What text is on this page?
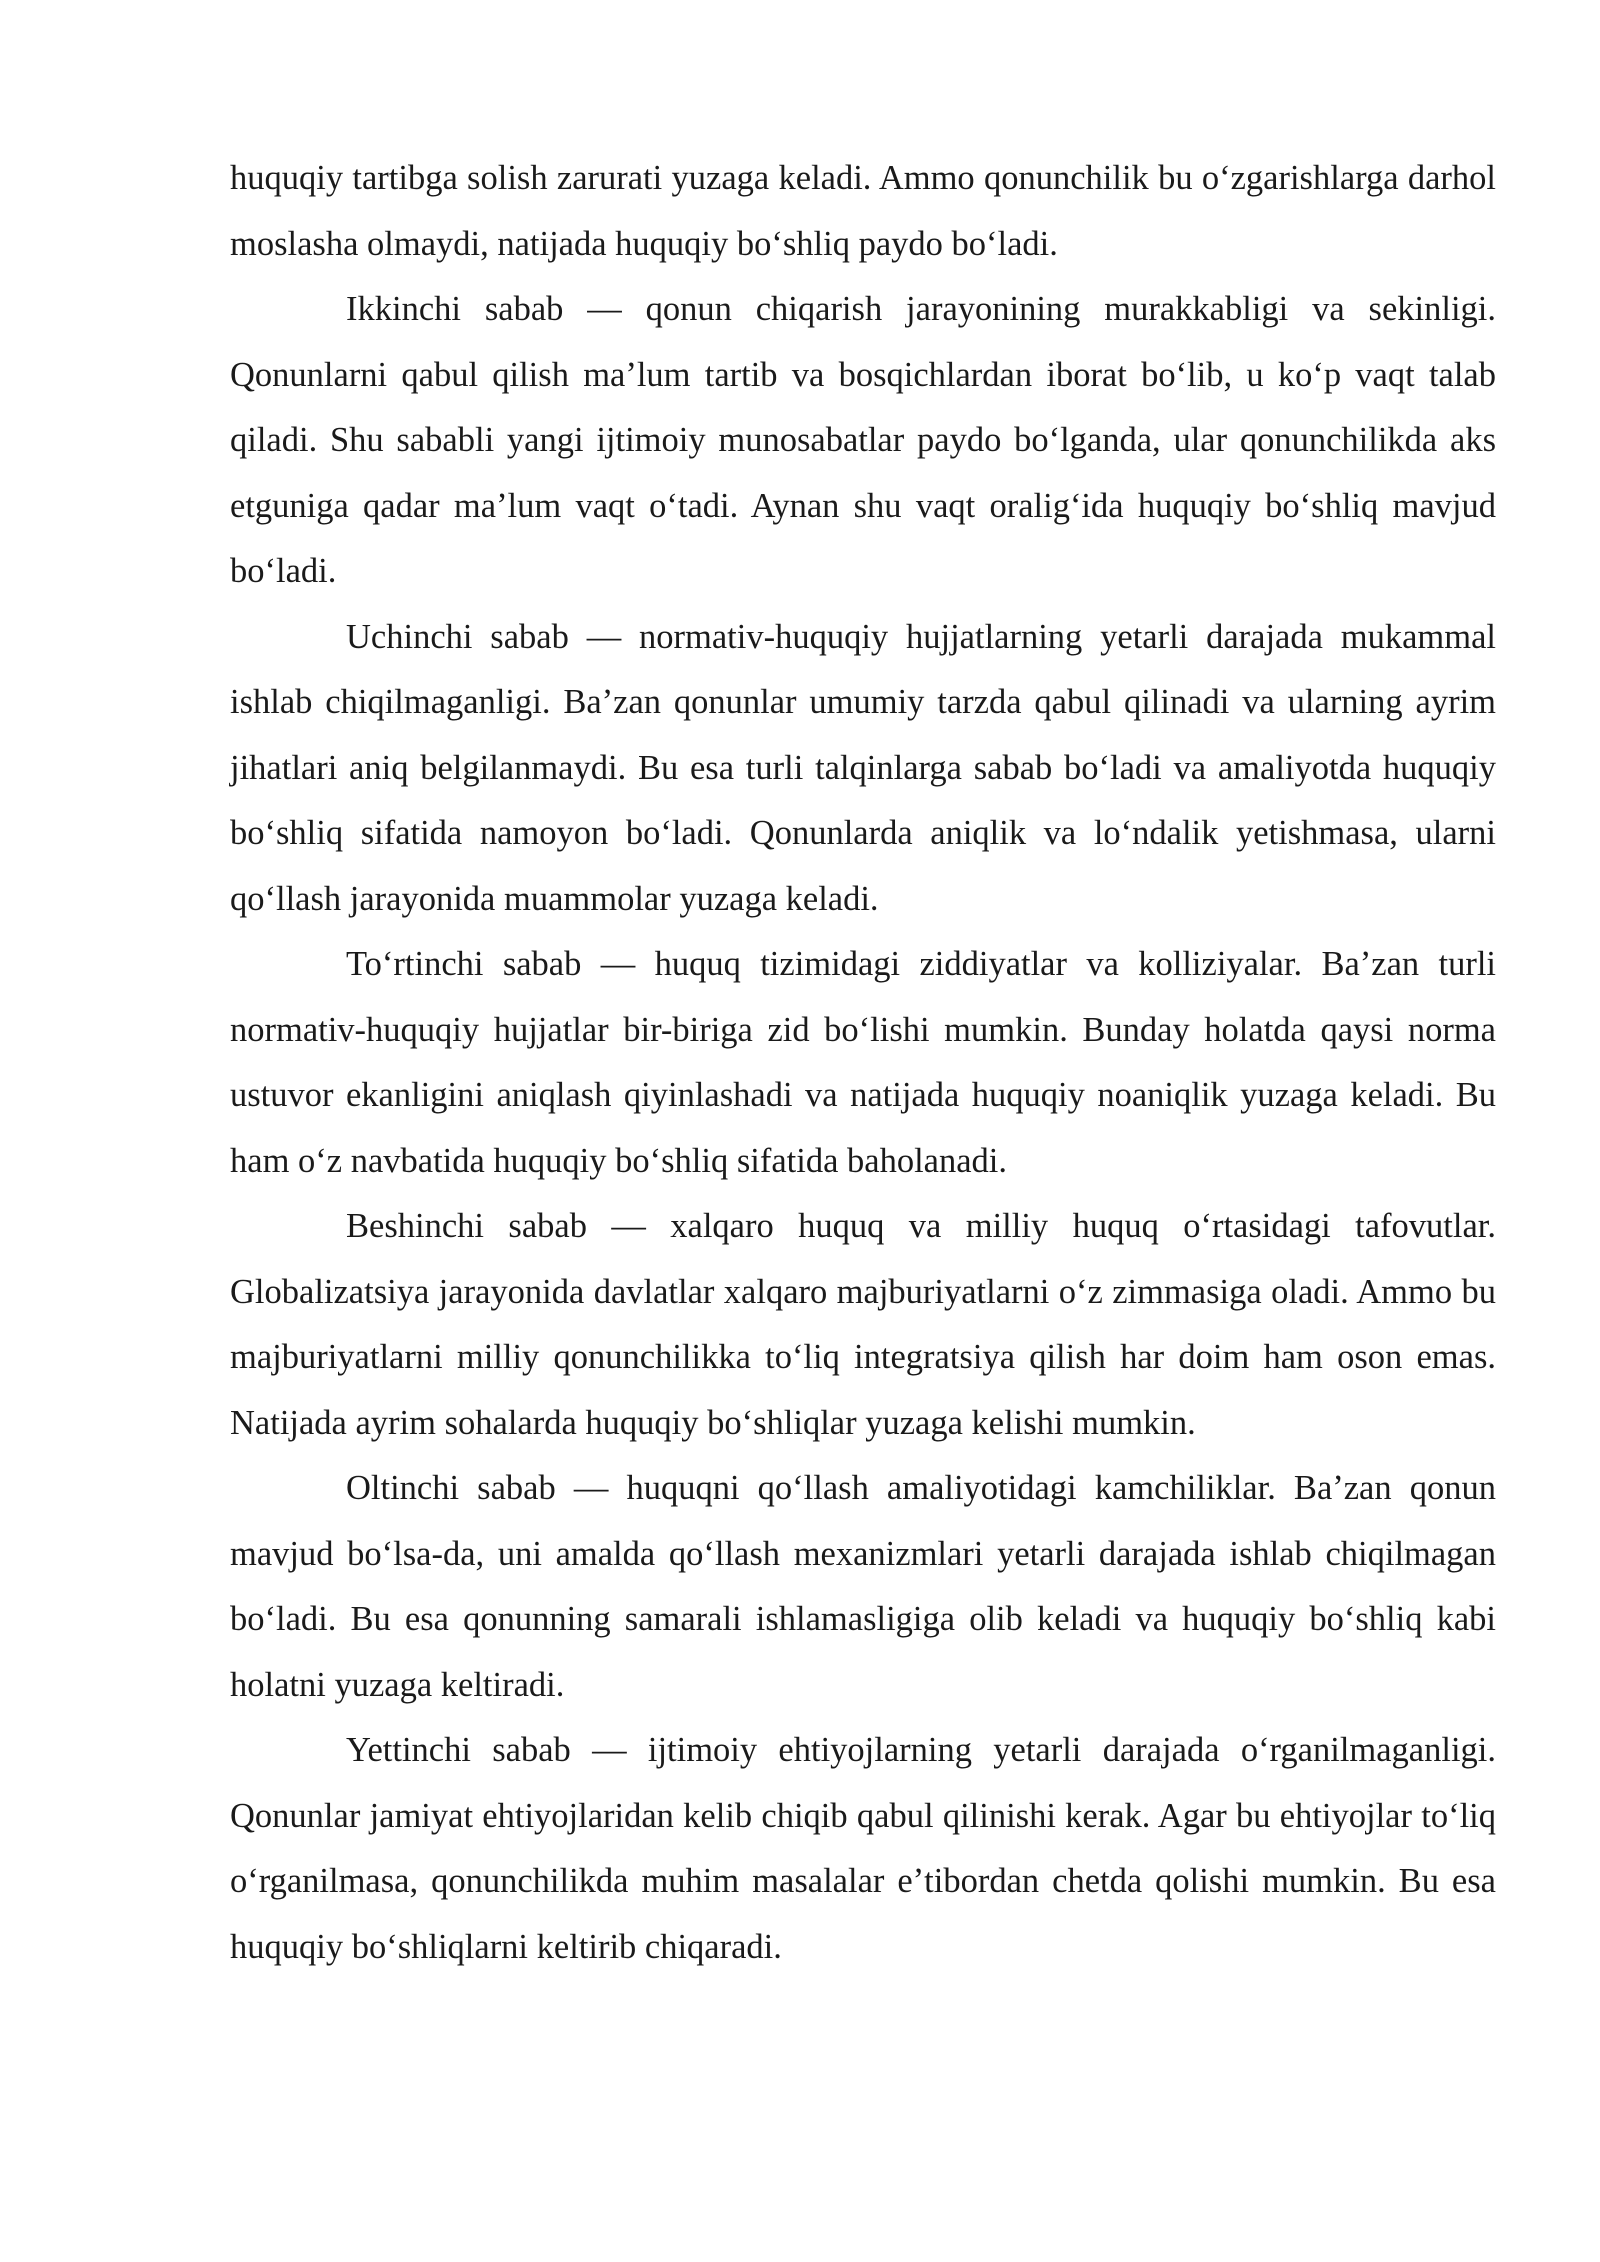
huquqiy tartibga solish zarurati yuzaga keladi. Ammo qonunchilik bu oʻzgarishlarga darhol moslasha olmaydi, natijada huquqiy boʻshliq paydo boʻladi.

Ikkinchi sabab — qonun chiqarish jarayonining murakkabligi va sekinligi. Qonunlarni qabul qilish maʼlum tartib va bosqichlardan iborat boʻlib, u koʻp vaqt talab qiladi. Shu sababli yangi ijtimoiy munosabatlar paydo boʻlganda, ular qonunchilikda aks etguniga qadar maʼlum vaqt oʻtadi. Aynan shu vaqt oraligʻida huquqiy boʻshliq mavjud boʻladi.

Uchinchi sabab — normativ-huquqiy hujjatlarning yetarli darajada mukammal ishlab chiqilmaganligi. Baʼzan qonunlar umumiy tarzda qabul qilinadi va ularning ayrim jihatlari aniq belgilanmaydi. Bu esa turli talqinlarga sabab boʻladi va amaliyotda huquqiy boʻshliq sifatida namoyon boʻladi. Qonunlarda aniqlik va loʻndalik yetishmasa, ularni qoʻllash jarayonida muammolar yuzaga keladi.

Toʻrtinchi sabab — huquq tizimidagi ziddiyatlar va kolliziyalar. Baʼzan turli normativ-huquqiy hujjatlar bir-biriga zid boʻlishi mumkin. Bunday holatda qaysi norma ustuvor ekanligini aniqlash qiyinlashadi va natijada huquqiy noaniqlik yuzaga keladi. Bu ham oʻz navbatida huquqiy boʻshliq sifatida baholanadi.

Beshinchi sabab — xalqaro huquq va milliy huquq oʻrtasidagi tafovutlar. Globalizatsiya jarayonida davlatlar xalqaro majburiyatlarni oʻz zimmasiga oladi. Ammo bu majburiyatlarni milliy qonunchilikka toʻliq integratsiya qilish har doim ham oson emas. Natijada ayrim sohalarda huquqiy boʻshliqlar yuzaga kelishi mumkin.

Oltinchi sabab — huquqni qoʻllash amaliyotidagi kamchiliklar. Baʼzan qonun mavjud boʻlsa-da, uni amalda qoʻllash mexanizmlari yetarli darajada ishlab chiqilmagan boʻladi. Bu esa qonunning samarali ishlamasligiga olib keladi va huquqiy boʻshliq kabi holatni yuzaga keltiradi.

Yettinchi sabab — ijtimoiy ehtiyojlarning yetarli darajada oʻrganilmaganligi. Qonunlar jamiyat ehtiyojlaridan kelib chiqib qabul qilinishi kerak. Agar bu ehtiyojlar toʻliq oʻrganilmasa, qonunchilikda muhim masalalar eʼtibordan chetda qolishi mumkin. Bu esa huquqiy boʻshliqlarni keltirib chiqaradi.
